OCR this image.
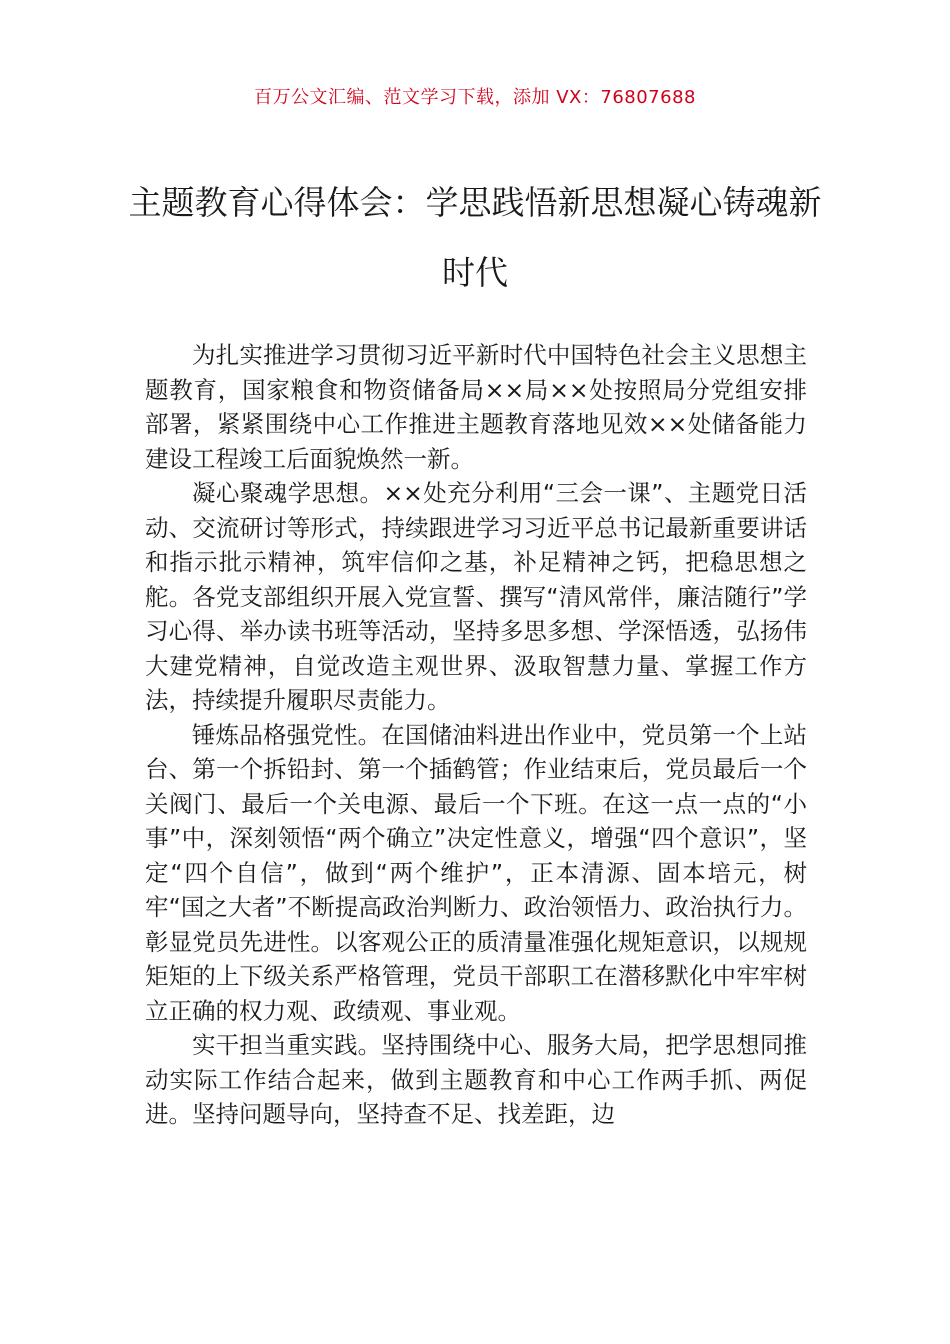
百万公文汇编、范文学习下载，添加 VX：76807688
主题教育心得体会：学思践悟新思想凝心铸魂新时代

为扎实推进学习贯彻习近平新时代中国特色社会主义思想主题教育，国家粮食和物资储备局××局××处按照局分党组安排部署，紧紧围绕中心工作推进主题教育落地见效××处储备能力建设工程竣工后面貌焕然一新。

凝心聚魂学思想。××处充分利用“三会一课”、主题党日活动、交流研讨等形式，持续跟进学习习近平总书记最新重要讲话和指示批示精神，筑牢信仰之基，补足精神之钙，把稳思想之舵。各党支部组织开展入党宣誓、撰写“清风常伴，廉洁随行”学习心得、举办读书班等活动，坚持多思多想、学深悟透，弘扬伟大建党精神，自觉改造主观世界、汲取智慧力量、掌握工作方法，持续提升履职尽责能力。

锤炼品格强党性。在国储油料进出作业中，党员第一个上站台、第一个拆铅封、第一个插鹤管；作业结束后，党员最后一个关阀门、最后一个关电源、最后一个下班。在这一点一点的“小事”中，深刻领悟“两个确立”决定性意义，增强“四个意识”，坚定“四个自信”，做到“两个维护”，正本清源、固本培元，树牢“国之大者”不断提高政治判断力、政治领悟力、政治执行力。彰显党员先进性。以客观公正的质清量准强化规矩意识，以规规矩矩的上下级关系严格管理，党员干部职工在潜移默化中牢牢树立正确的权力观、政绩观、事业观。

实干担当重实践。坚持围绕中心、服务大局，把学思想同推动实际工作结合起来，做到主题教育和中心工作两手抓、两促进。坚持问题导向，坚持查不足、找差距，边
